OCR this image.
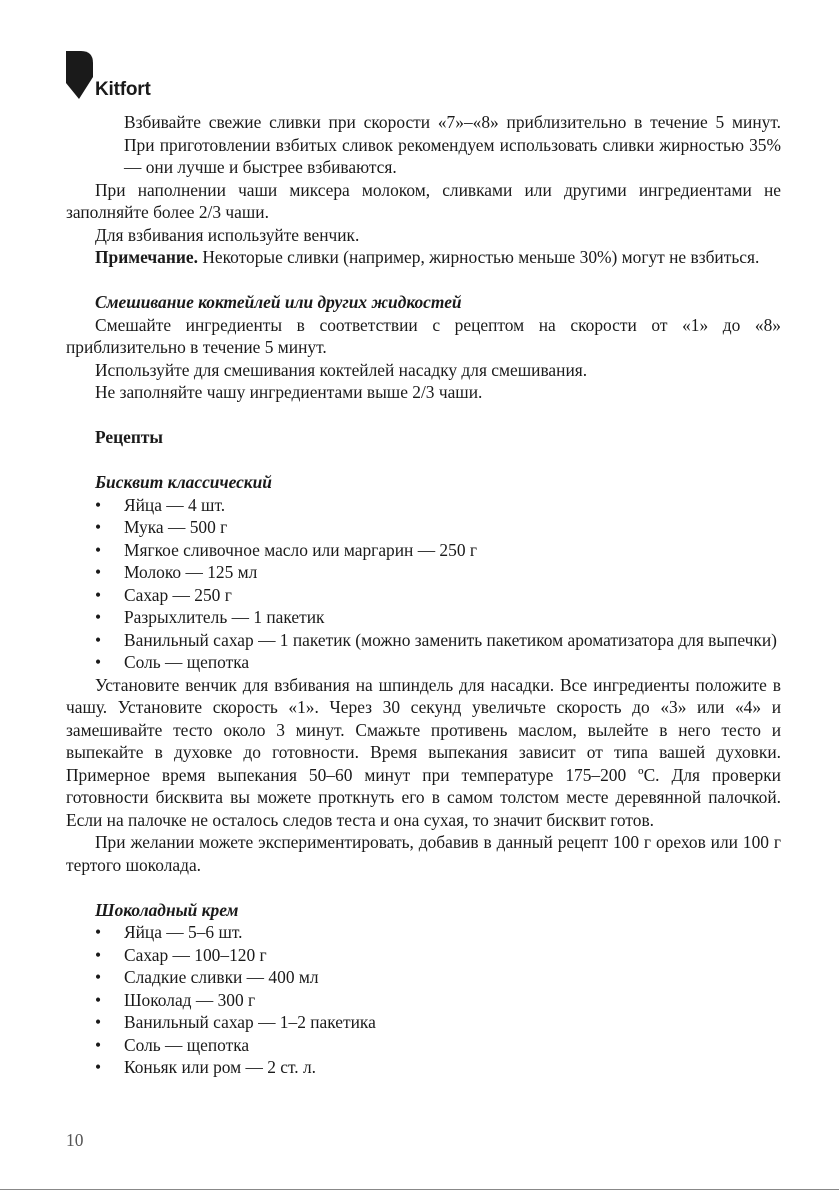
Kitfort

Взбивайте свежие сливки при скорости «7»–«8» приблизительно в течение 5 минут. При приготовлении взбитых сливок рекомендуем использовать сливки жирностью 35% — они лучше и быстрее взбиваются.

При наполнении чаши миксера молоком, сливками или другими ингредиентами не заполняйте более 2/3 чаши.

Для взбивания используйте венчик.

Примечание. Некоторые сливки (например, жирностью меньше 30%) могут не взбиться.

Смешивание коктейлей или других жидкостей

Смешайте ингредиенты в соответствии с рецептом на скорости от «1» до «8» приблизительно в течение 5 минут.

Используйте для смешивания коктейлей насадку для смешивания.

Не заполняйте чашу ингредиентами выше 2/3 чаши.

Рецепты

Бисквит классический

• Яйца — 4 шт.
• Мука — 500 г
• Мягкое сливочное масло или маргарин — 250 г
• Молоко — 125 мл
• Сахар — 250 г
• Разрыхлитель — 1 пакетик
• Ванильный сахар — 1 пакетик (можно заменить пакетиком ароматизатора для выпечки)
• Соль — щепотка

Установите венчик для взбивания на шпиндель для насадки. Все ингредиенты положите в чашу. Установите скорость «1». Через 30 секунд увеличьте скорость до «3» или «4» и замешивайте тесто около 3 минут. Смажьте противень маслом, вылейте в него тесто и выпекайте в духовке до готовности. Время выпекания зависит от типа вашей духовки. Примерное время выпекания 50–60 минут при температуре 175–200 ºС. Для проверки готовности бисквита вы можете проткнуть его в самом толстом месте деревянной палочкой. Если на палочке не осталось следов теста и она сухая, то значит бисквит готов.

При желании можете экспериментировать, добавив в данный рецепт 100 г орехов или 100 г тертого шоколада.

Шоколадный крем

• Яйца — 5–6 шт.
• Сахар — 100–120 г
• Сладкие сливки — 400 мл
• Шоколад — 300 г
• Ванильный сахар — 1–2 пакетика
• Соль — щепотка
• Коньяк или ром — 2 ст. л.
10
